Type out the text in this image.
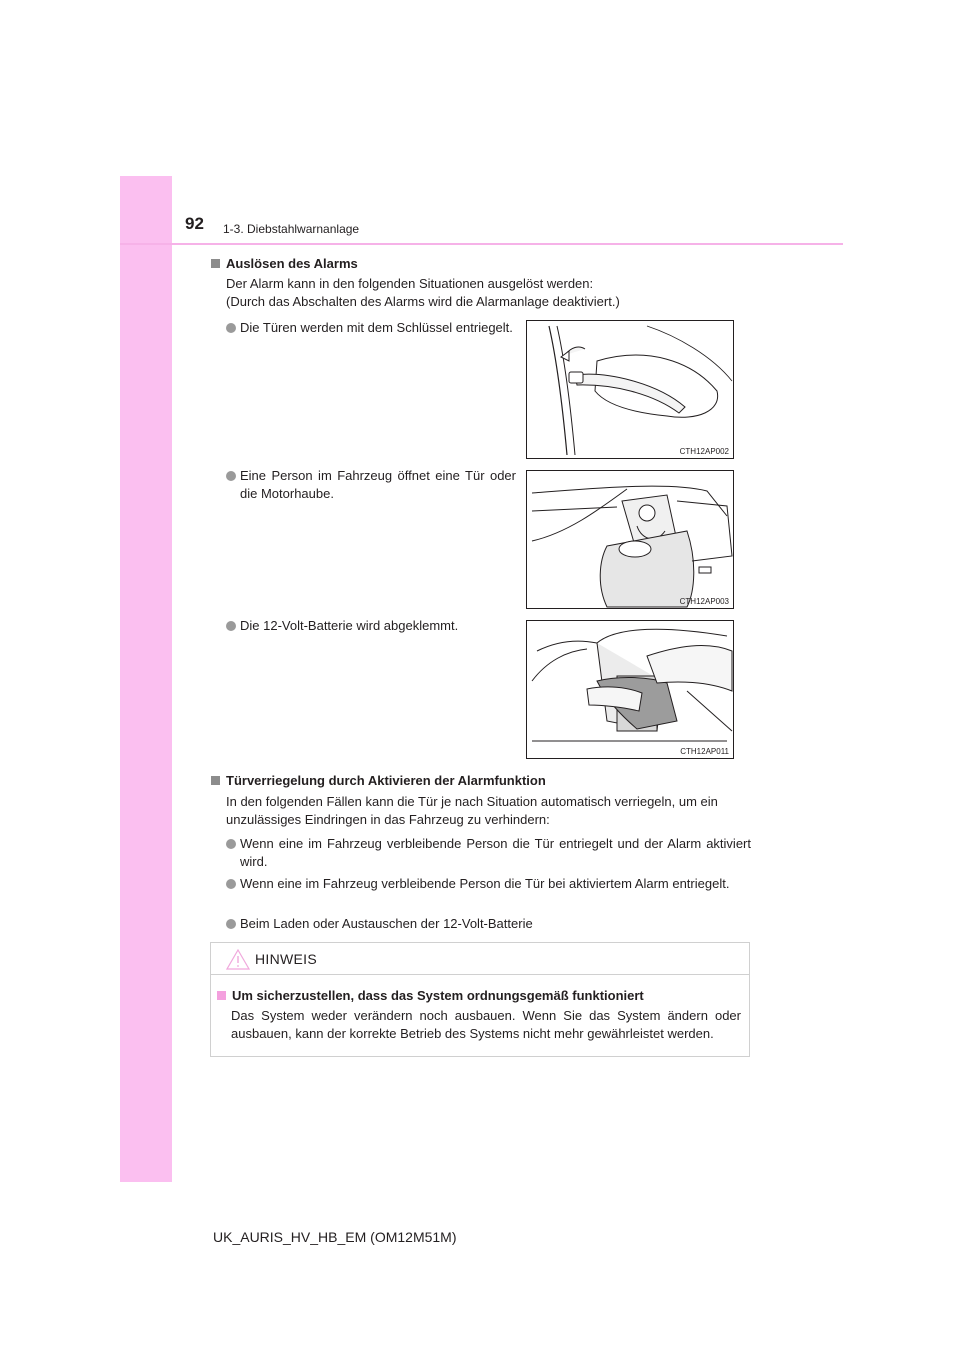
92 1-3. Diebstahlwarnanlage
Auslösen des Alarms
Der Alarm kann in den folgenden Situationen ausgelöst werden:
(Durch das Abschalten des Alarms wird die Alarmanlage deaktiviert.)
Die Türen werden mit dem Schlüssel entriegelt.
CTH12AP002
Eine Person im Fahrzeug öffnet eine Tür oder die Motorhaube.
CTH12AP003
Die 12-Volt-Batterie wird abgeklemmt.
CTH12AP011
Türverriegelung durch Aktivieren der Alarmfunktion
In den folgenden Fällen kann die Tür je nach Situation automatisch verriegeln, um ein unzulässiges Eindringen in das Fahrzeug zu verhindern:
Wenn eine im Fahrzeug verbleibende Person die Tür entriegelt und der Alarm aktiviert wird.
Wenn eine im Fahrzeug verbleibende Person die Tür bei aktiviertem Alarm entriegelt.
Beim Laden oder Austauschen der 12-Volt-Batterie
HINWEIS
Um sicherzustellen, dass das System ordnungsgemäß funktioniert
Das System weder verändern noch ausbauen. Wenn Sie das System ändern oder ausbauen, kann der korrekte Betrieb des Systems nicht mehr gewährleistet werden.
UK_AURIS_HV_HB_EM (OM12M51M)
